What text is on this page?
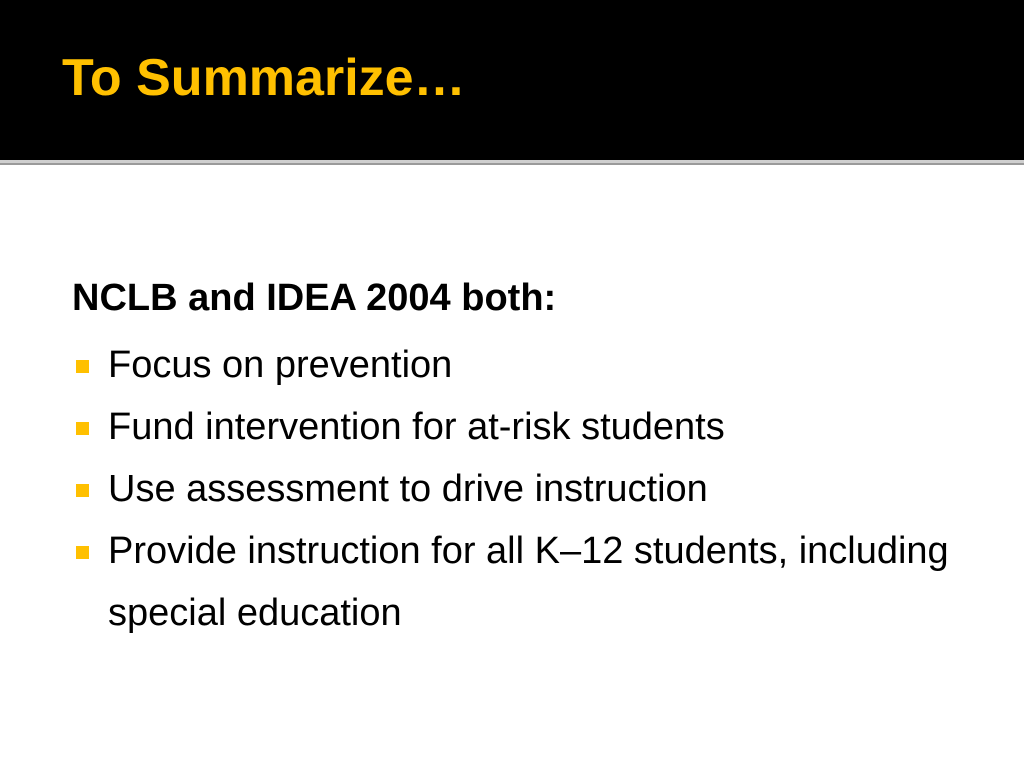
To Summarize…

NCLB and IDEA 2004 both:

Focus on prevention
Fund intervention for at-risk students
Use assessment to drive instruction
Provide instruction for all K–12 students, including special education
